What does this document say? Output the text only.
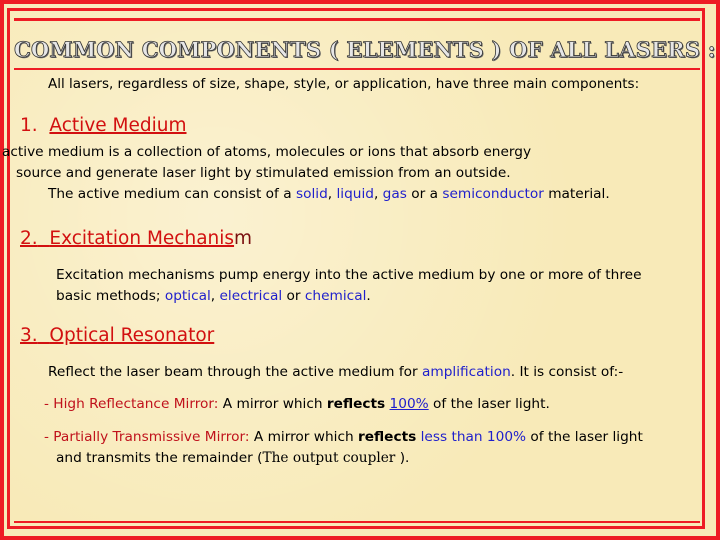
COMMON COMPONENTS ( ELEMENTS ) OF ALL LASERS :
All lasers, regardless of size, shape, style, or application, have three main components:
1. Active Medium
active medium is a collection of atoms, molecules or ions that absorb energy
source and generate laser light by stimulated emission from an outside.
The active medium can consist of a solid, liquid, gas or a semiconductor material.
2. Excitation Mechanism
Excitation mechanisms pump energy into the active medium by one or more of three
basic methods; optical, electrical or chemical.
3. Optical Resonator
Reflect the laser beam through the active medium for amplification. It is consist of:-
- High Reflectance Mirror: A mirror which reflects 100% of the laser light.
- Partially Transmissive Mirror: A mirror which reflects less than 100% of the laser light
and transmits the remainder (The output coupler ).
